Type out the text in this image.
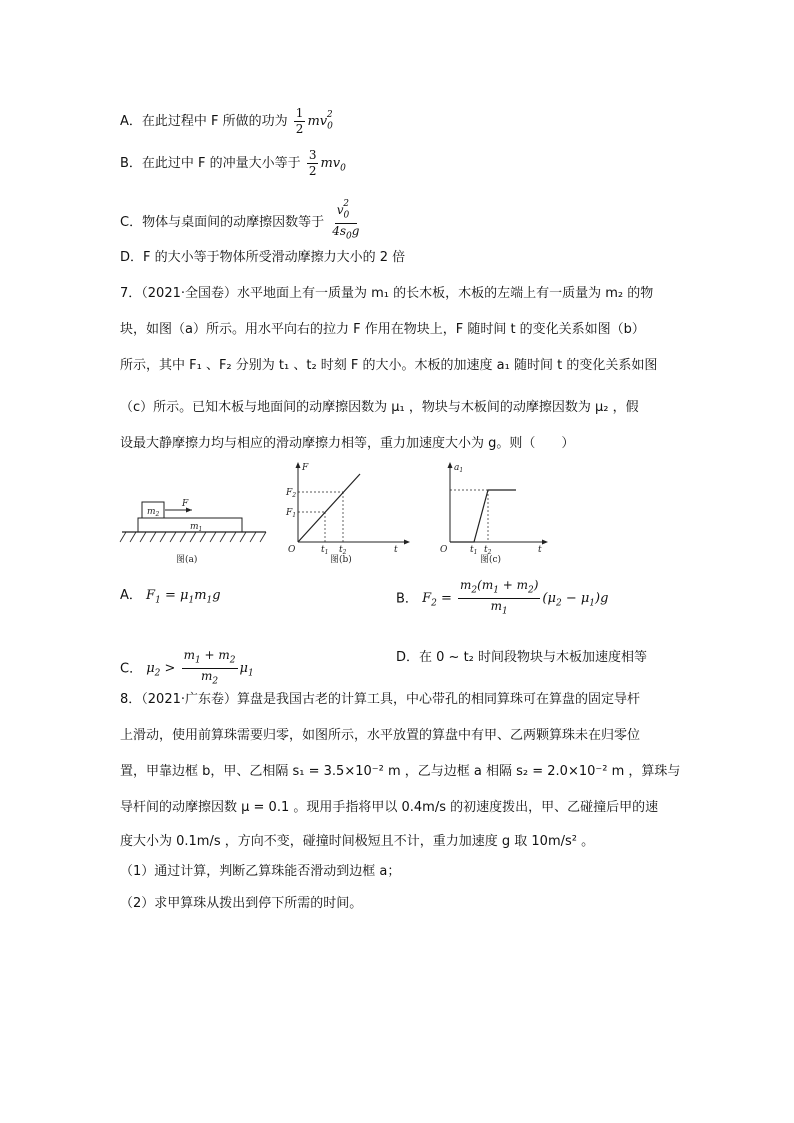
A．在此过程中 F 所做的功为 $\frac{1}{2} mv_0^2$
B．在此过中 F 的冲量大小等于 $\frac{3}{2} mv_0$
C．物体与桌面间的动摩擦因数等于 $\frac{v_0^2}{4s_0g}$
D．F 的大小等于物体所受滑动摩擦力大小的 2 倍
7．（2021·全国卷）水平地面上有一质量为 m₁ 的长木板，木板的左端上有一质量为 m₂ 的物
块，如图（a）所示。用水平向右的拉力 F 作用在物块上，F 随时间 t 的变化关系如图（b）
所示，其中 F₁ 、F₂ 分别为 t₁ 、t₂ 时刻 F 的大小。木板的加速度 a₁ 随时间 t 的变化关系如图
（c）所示。已知木板与地面间的动摩擦因数为 μ₁ ，物块与木板间的动摩擦因数为 μ₂ ，假
设最大静摩擦力均与相应的滑动摩擦力相等，重力加速度大小为 g。则（　　）
$m_2$
F
$m_1$
图(a)
F
O	t
$F_2$
$F_1$
$t_1$ $t_2$
图(b)
$a_1$
O	t
$t_1$ $t_2$
图(c)
A． $F_1 = \mu_1m_1g$	B． $F_2 = \frac{m_2(m_1 + m_2)}{m_1} (\mu_2 - \mu_1)g$
C． $\mu_2 > \frac{m_1 + m_2}{m_2} \mu_1$
D．在 0 ~ t₂ 时间段物块与木板加速度相等
8．（2021·广东卷）算盘是我国古老的计算工具，中心带孔的相同算珠可在算盘的固定导杆
上滑动，使用前算珠需要归零，如图所示，水平放置的算盘中有甲、乙两颗算珠未在归零位
置，甲靠边框 b，甲、乙相隔 s₁ = 3.5×10⁻² m ，乙与边框 a 相隔 s₂ = 2.0×10⁻² m ，算珠与
导杆间的动摩擦因数 μ = 0.1 。现用手指将甲以 0.4m/s 的初速度拨出，甲、乙碰撞后甲的速
度大小为 0.1m/s ，方向不变，碰撞时间极短且不计，重力加速度 g 取 10m/s² 。
（1）通过计算，判断乙算珠能否滑动到边框 a；
（2）求甲算珠从拨出到停下所需的时间。
